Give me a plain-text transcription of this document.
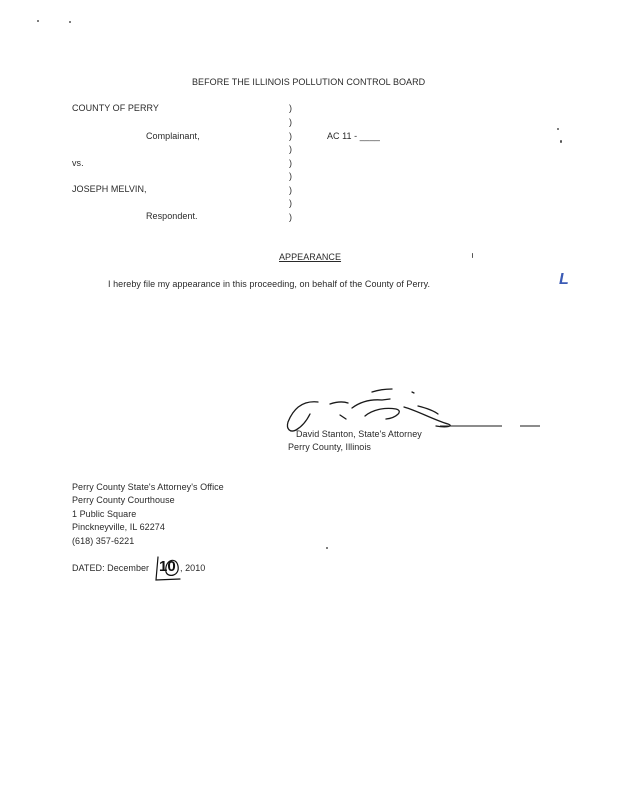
BEFORE THE ILLINOIS POLLUTION CONTROL BOARD
COUNTY OF PERRY
Complainant,
vs.
JOSEPH MELVIN,
Respondent.
)
)
)
)
)
)
)
)
)
AC 11 - ____
APPEARANCE
I hereby file my appearance in this proceeding, on behalf of the County of Perry.	L
David Stanton, State's Attorney
Perry County, Illinois
Perry County State's Attorney's Office
Perry County Courthouse
1 Public Square
Pinckneyville, IL 62274
(618) 357-6221
DATED: December 10 , 2010
